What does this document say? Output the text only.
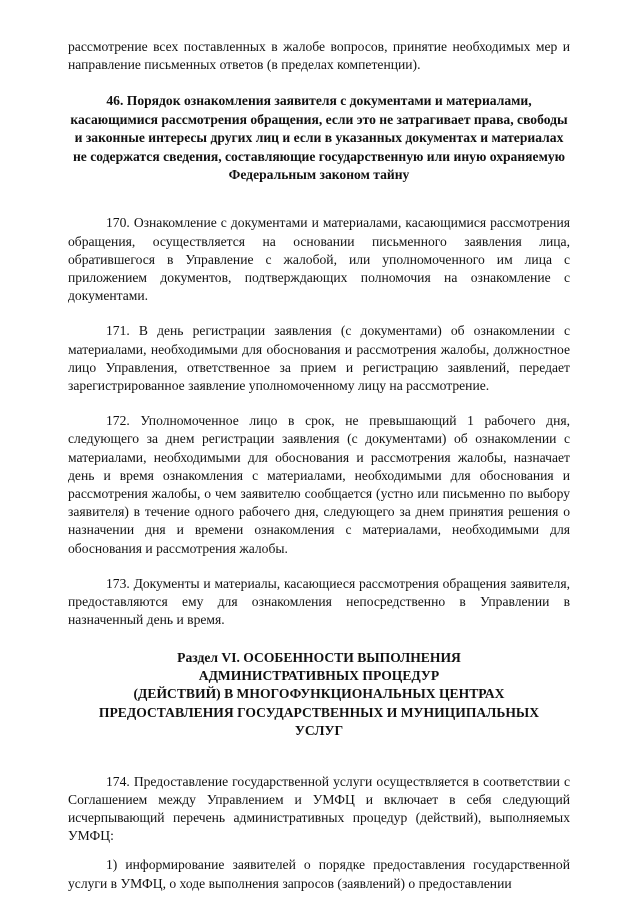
рассмотрение всех поставленных в жалобе вопросов, принятие необходимых мер и направление письменных ответов (в пределах компетенции).

46. Порядок ознакомления заявителя с документами и материалами, касающимися рассмотрения обращения, если это не затрагивает права, свободы и законные интересы других лиц и если в указанных документах и материалах не содержатся сведения, составляющие государственную или иную охраняемую Федеральным законом тайну

170. Ознакомление с документами и материалами, касающимися рассмотрения обращения, осуществляется на основании письменного заявления лица, обратившегося в Управление с жалобой, или уполномоченного им лица с приложением документов, подтверждающих полномочия на ознакомление с документами.

171. В день регистрации заявления (с документами) об ознакомлении с материалами, необходимыми для обоснования и рассмотрения жалобы, должностное лицо Управления, ответственное за прием и регистрацию заявлений, передает зарегистрированное заявление уполномоченному лицу на рассмотрение.

172. Уполномоченное лицо в срок, не превышающий 1 рабочего дня, следующего за днем регистрации заявления (с документами) об ознакомлении с материалами, необходимыми для обоснования и рассмотрения жалобы, назначает день и время ознакомления с материалами, необходимыми для обоснования и рассмотрения жалобы, о чем заявителю сообщается (устно или письменно по выбору заявителя) в течение одного рабочего дня, следующего за днем принятия решения о назначении дня и времени ознакомления с материалами, необходимыми для обоснования и рассмотрения жалобы.

173. Документы и материалы, касающиеся рассмотрения обращения заявителя, предоставляются ему для ознакомления непосредственно в Управлении в назначенный день и время.

Раздел VI. ОСОБЕННОСТИ ВЫПОЛНЕНИЯ
АДМИНИСТРАТИВНЫХ ПРОЦЕДУР
(ДЕЙСТВИЙ) В МНОГОФУНКЦИОНАЛЬНЫХ ЦЕНТРАХ
ПРЕДОСТАВЛЕНИЯ ГОСУДАРСТВЕННЫХ И МУНИЦИПАЛЬНЫХ
УСЛУГ

174. Предоставление государственной услуги осуществляется в соответствии с Соглашением между Управлением и УМФЦ и включает в себя следующий исчерпывающий перечень административных процедур (действий), выполняемых УМФЦ:

1) информирование заявителей о порядке предоставления государственной услуги в УМФЦ, о ходе выполнения запросов (заявлений) о предоставлении
